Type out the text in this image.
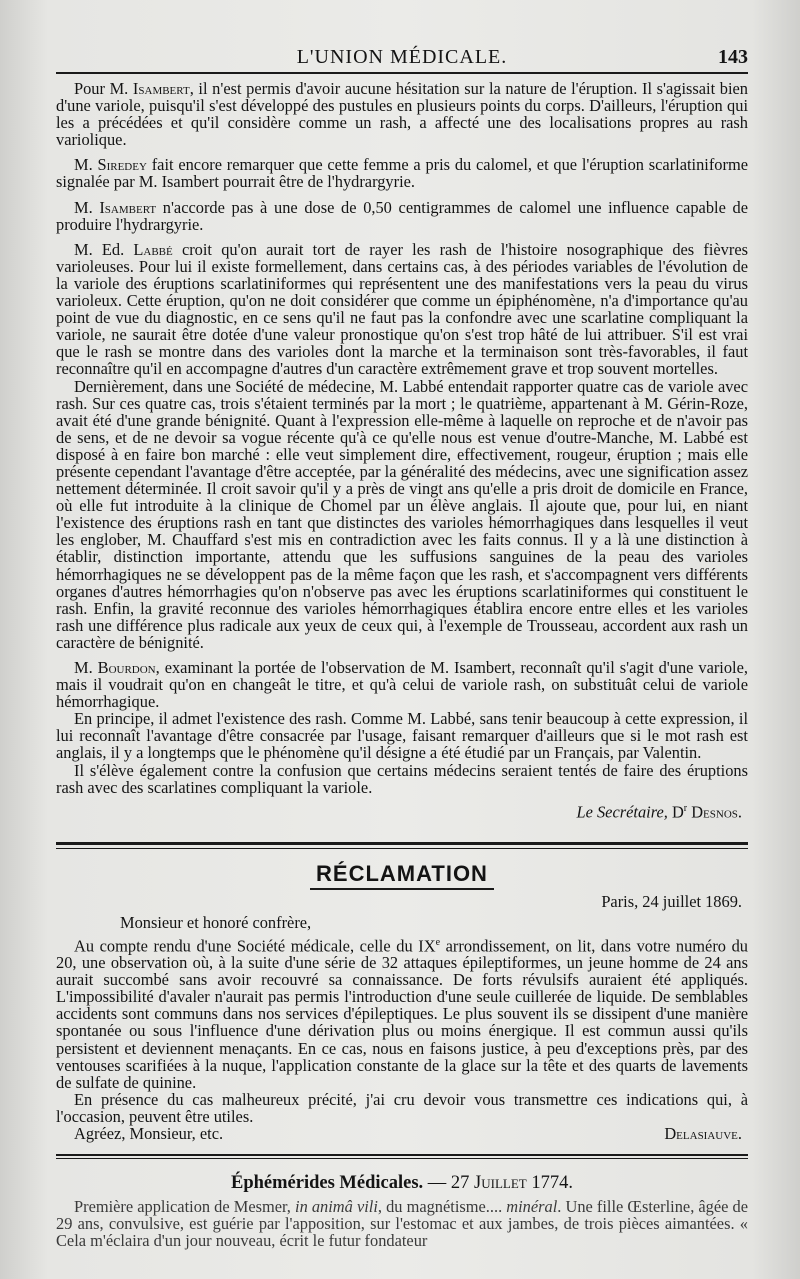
L'UNION MÉDICALE.	143

Pour M. Isambert, il n'est permis d'avoir aucune hésitation sur la nature de l'éruption. Il s'agissait bien d'une variole, puisqu'il s'est développé des pustules en plusieurs points du corps. D'ailleurs, l'éruption qui les a précédées et qu'il considère comme un rash, a affecté une des localisations propres au rash variolique.

M. Siredey fait encore remarquer que cette femme a pris du calomel, et que l'éruption scarlatiniforme signalée par M. Isambert pourrait être de l'hydrargyrie.

M. Isambert n'accorde pas à une dose de 0,50 centigrammes de calomel une influence capable de produire l'hydrargyrie.

M. Ed. Labbé croit qu'on aurait tort de rayer les rash de l'histoire nosographique des fièvres varioleuses. Pour lui il existe formellement, dans certains cas, à des périodes variables de l'évolution de la variole des éruptions scarlatiniformes qui représentent une des manifestations vers la peau du virus varioleux. Cette éruption, qu'on ne doit considérer que comme un épiphénomène, n'a d'importance qu'au point de vue du diagnostic, en ce sens qu'il ne faut pas la confondre avec une scarlatine compliquant la variole, ne saurait être dotée d'une valeur pronostique qu'on s'est trop hâté de lui attribuer. S'il est vrai que le rash se montre dans des varioles dont la marche et la terminaison sont très-favorables, il faut reconnaître qu'il en accompagne d'autres d'un caractère extrêmement grave et trop souvent mortelles.

Dernièrement, dans une Société de médecine, M. Labbé entendait rapporter quatre cas de variole avec rash. Sur ces quatre cas, trois s'étaient terminés par la mort ; le quatrième, appartenant à M. Gérin-Roze, avait été d'une grande bénignité. Quant à l'expression elle-même à laquelle on reproche et de n'avoir pas de sens, et de ne devoir sa vogue récente qu'à ce qu'elle nous est venue d'outre-Manche, M. Labbé est disposé à en faire bon marché : elle veut simplement dire, effectivement, rougeur, éruption ; mais elle présente cependant l'avantage d'être acceptée, par la généralité des médecins, avec une signification assez nettement déterminée. Il croit savoir qu'il y a près de vingt ans qu'elle a pris droit de domicile en France, où elle fut introduite à la clinique de Chomel par un élève anglais. Il ajoute que, pour lui, en niant l'existence des éruptions rash en tant que distinctes des varioles hémorrhagiques dans lesquelles il veut les englober, M. Chauffard s'est mis en contradiction avec les faits connus. Il y a là une distinction à établir, distinction importante, attendu que les suffusions sanguines de la peau des varioles hémorrhagiques ne se développent pas de la même façon que les rash, et s'accompagnent vers différents organes d'autres hémorrhagies qu'on n'observe pas avec les éruptions scarlatiniformes qui constituent le rash. Enfin, la gravité reconnue des varioles hémorrhagiques établira encore entre elles et les varioles rash une différence plus radicale aux yeux de ceux qui, à l'exemple de Trousseau, accordent aux rash un caractère de bénignité.

M. Bourdon, examinant la portée de l'observation de M. Isambert, reconnaît qu'il s'agit d'une variole, mais il voudrait qu'on en changeât le titre, et qu'à celui de variole rash, on substituât celui de variole hémorrhagique.

En principe, il admet l'existence des rash. Comme M. Labbé, sans tenir beaucoup à cette expression, il lui reconnaît l'avantage d'être consacrée par l'usage, faisant remarquer d'ailleurs que si le mot rash est anglais, il y a longtemps que le phénomène qu'il désigne a été étudié par un Français, par Valentin.

Il s'élève également contre la confusion que certains médecins seraient tentés de faire des éruptions rash avec des scarlatines compliquant la variole.

Le Secrétaire, $D^r$ Desnos.
RÉCLAMATION
Paris, 24 juillet 1869.

Monsieur et honoré confrère,

Au compte rendu d'une Société médicale, celle du IXe arrondissement, on lit, dans votre numéro du 20, une observation où, à la suite d'une série de 32 attaques épileptiformes, un jeune homme de 24 ans aurait succombé sans avoir recouvré sa connaissance. De forts révulsifs auraient été appliqués. L'impossibilité d'avaler n'aurait pas permis l'introduction d'une seule cuillerée de liquide. De semblables accidents sont communs dans nos services d'épileptiques. Le plus souvent ils se dissipent d'une manière spontanée ou sous l'influence d'une dérivation plus ou moins énergique. Il est commun aussi qu'ils persistent et deviennent menaçants. En ce cas, nous en faisons justice, à peu d'exceptions près, par des ventouses scarifiées à la nuque, l'application constante de la glace sur la tête et des quarts de lavements de sulfate de quinine.

En présence du cas malheureux précité, j'ai cru devoir vous transmettre ces indications qui, à l'occasion, peuvent être utiles.

Agréez, Monsieur, etc.	Delasiauve.
Éphémérides Médicales. — 27 Juillet 1774.

Première application de Mesmer, in animâ vili, du magnétisme.... minéral. Une fille Œsterline, âgée de 29 ans, convulsive, est guérie par l'apposition, sur l'estomac et aux jambes, de trois pièces aimantées. « Cela m'éclaira d'un jour nouveau, écrit le futur fondateur
